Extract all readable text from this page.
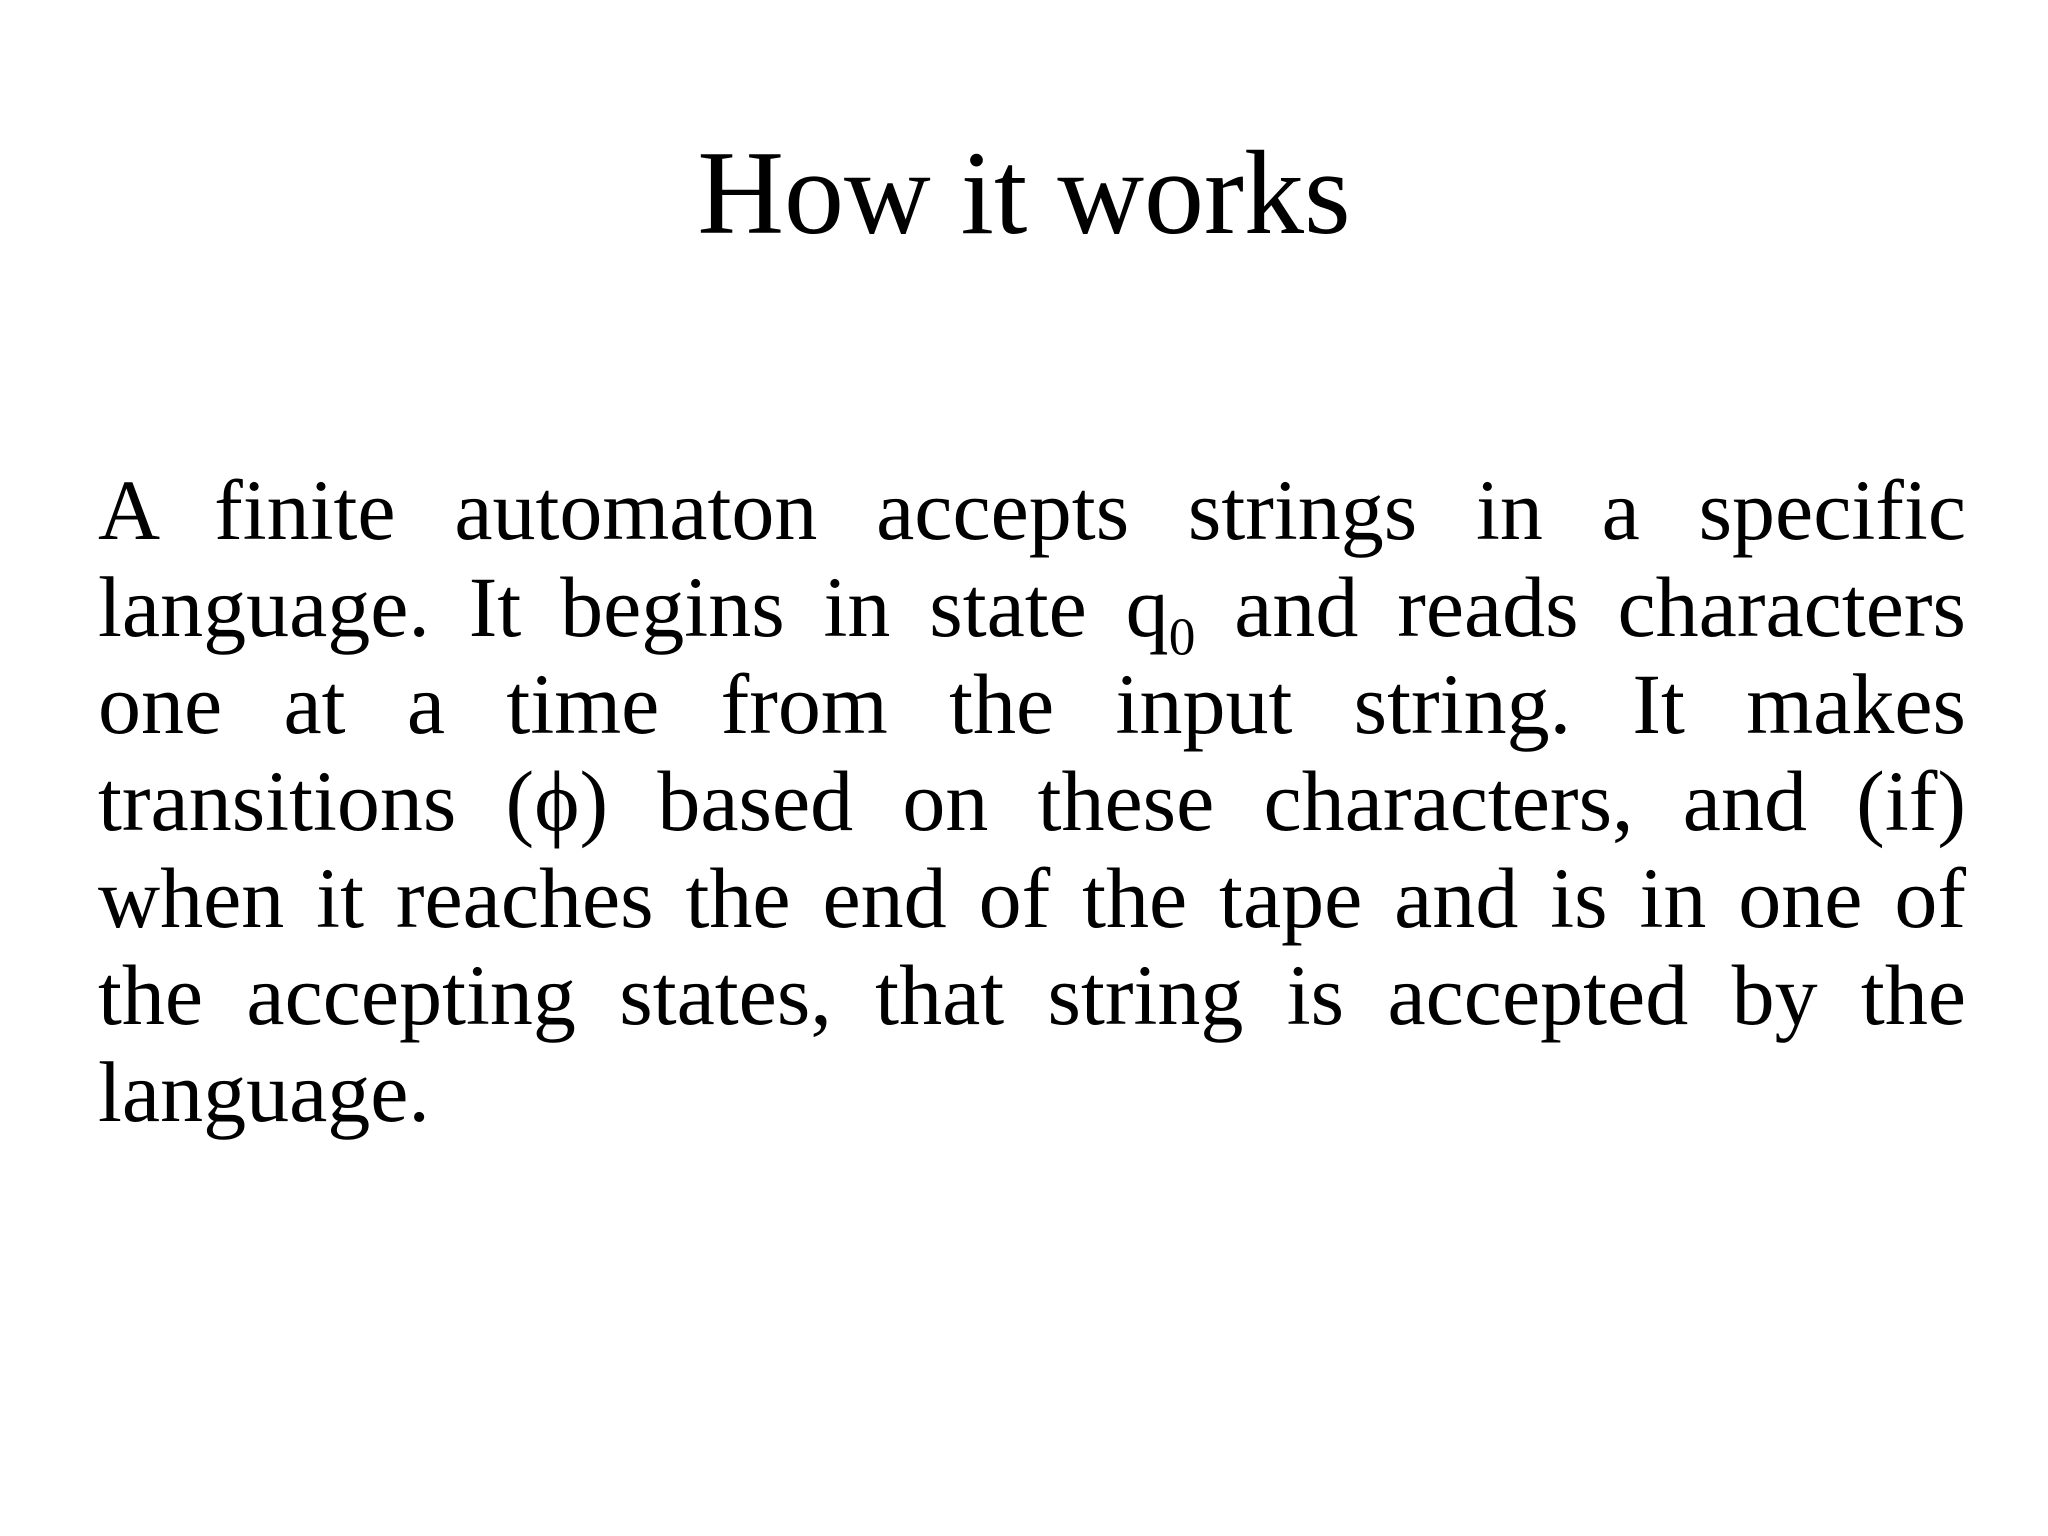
How it works

A finite automaton accepts strings in a specific language. It begins in state $q_0$ and reads characters one at a time from the input string. It makes transitions (ϕ) based on these characters, and (if) when it reaches the end of the tape and is in one of the accepting states, that string is accepted by the language.
